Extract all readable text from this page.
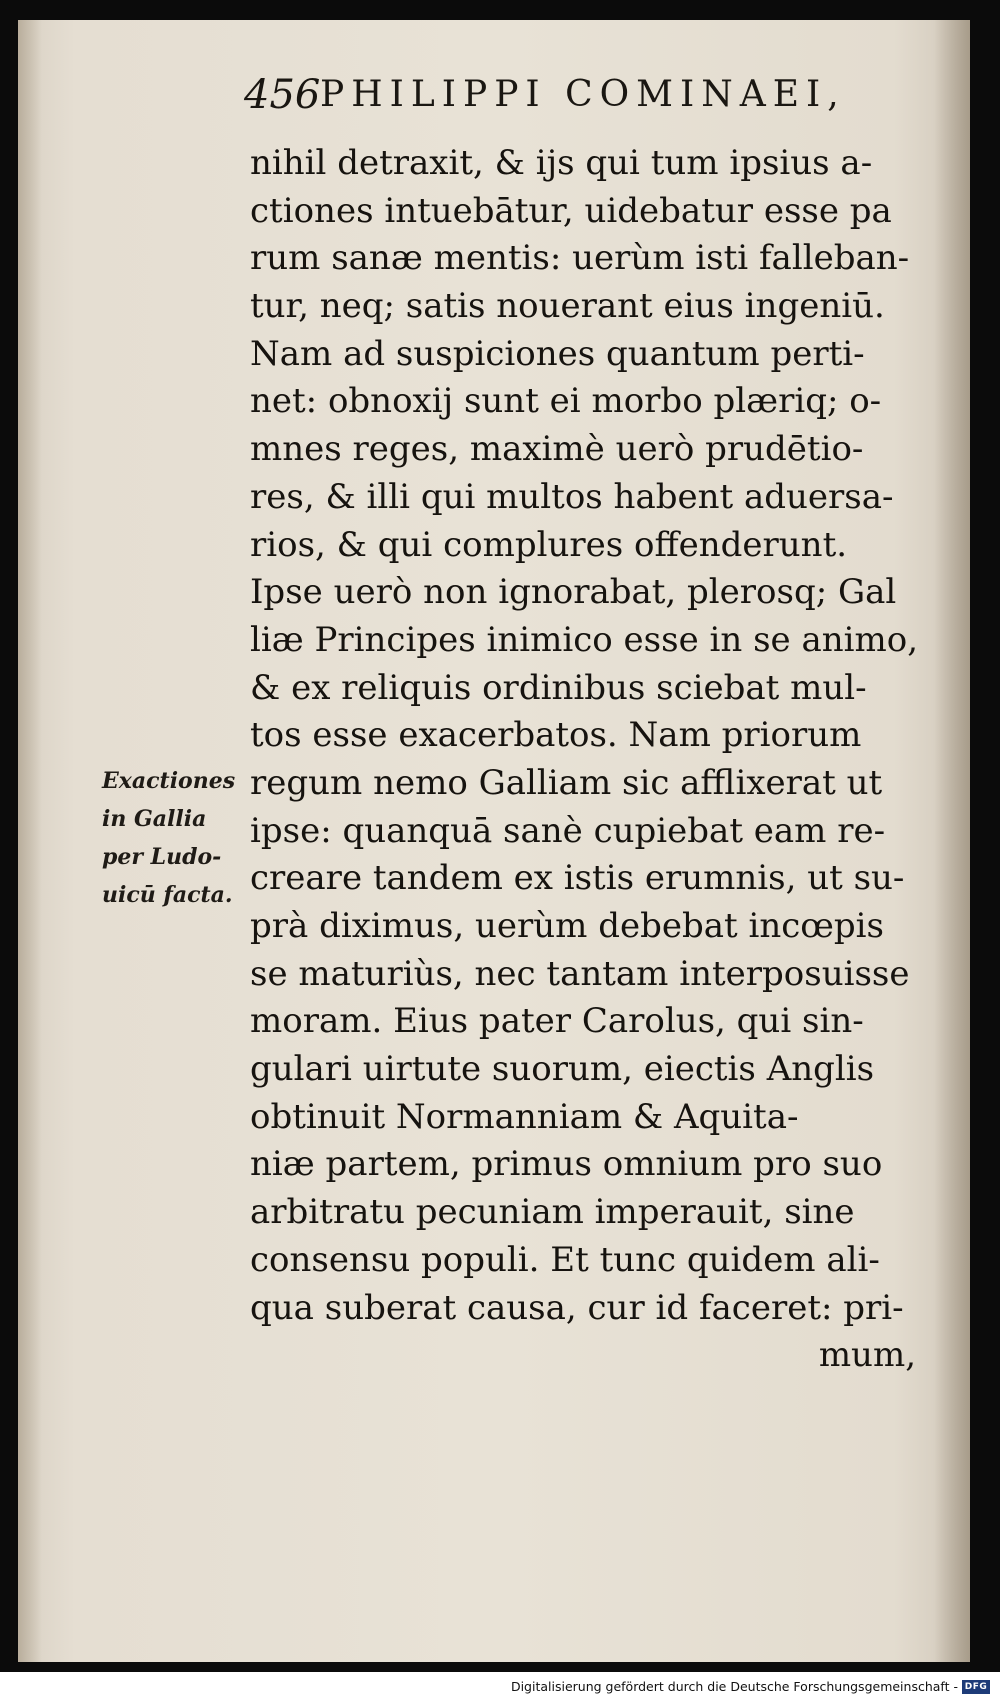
456 PHILIPPI COMINAEI,
Exactiones
in Gallia
per Ludo-
uicū facta.
nihil detraxit, & ijs qui tum ipsius a-
ctiones intuebātur, uidebatur esse pa
rum sanæ mentis: uerùm isti falleban-
tur, neq; satis nouerant eius ingeniū.
Nam ad suspiciones quantum perti-
net: obnoxij sunt ei morbo plæriq; o-
mnes reges, maximè uerò prudētio-
res, & illi qui multos habent aduersa-
rios, & qui complures offenderunt.
Ipse uerò non ignorabat, plerosq; Gal
liæ Principes inimico esse in se animo,
& ex reliquis ordinibus sciebat mul-
tos esse exacerbatos. Nam priorum
regum nemo Galliam sic afflixerat ut
ipse: quanquā sanè cupiebat eam re-
creare tandem ex istis erumnis, ut su-
prà diximus, uerùm debebat incœpis
se maturiùs, nec tantam interposuisse
moram. Eius pater Carolus, qui sin-
gulari uirtute suorum, eiectis Anglis
obtinuit Normanniam & Aquita-
niæ partem, primus omnium pro suo
arbitratu pecuniam imperauit, sine
consensu populi. Et tunc quidem ali-
qua suberat causa, cur id faceret: pri-
mum,
Digitalisierung gefördert durch die Deutsche Forschungsgemeinschaft - DFG
